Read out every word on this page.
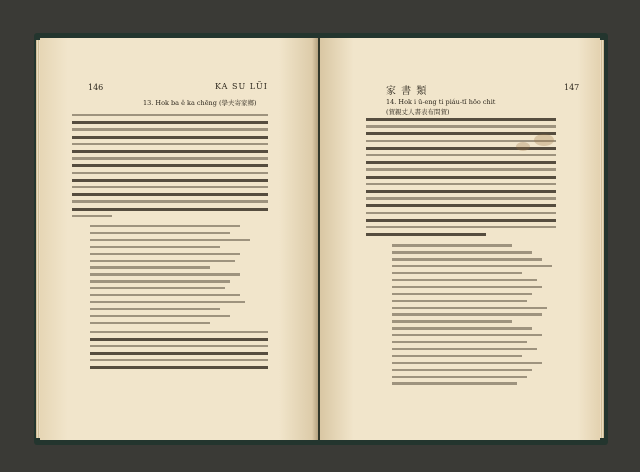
146	KA SU LŨI
13. Hok ba ê ka chēng (學夫寄家鄉)
家 書 類	147
14. Hok i ū-eng ti piáu-tī hōo chit
(賀親丈人書表布問賀)
